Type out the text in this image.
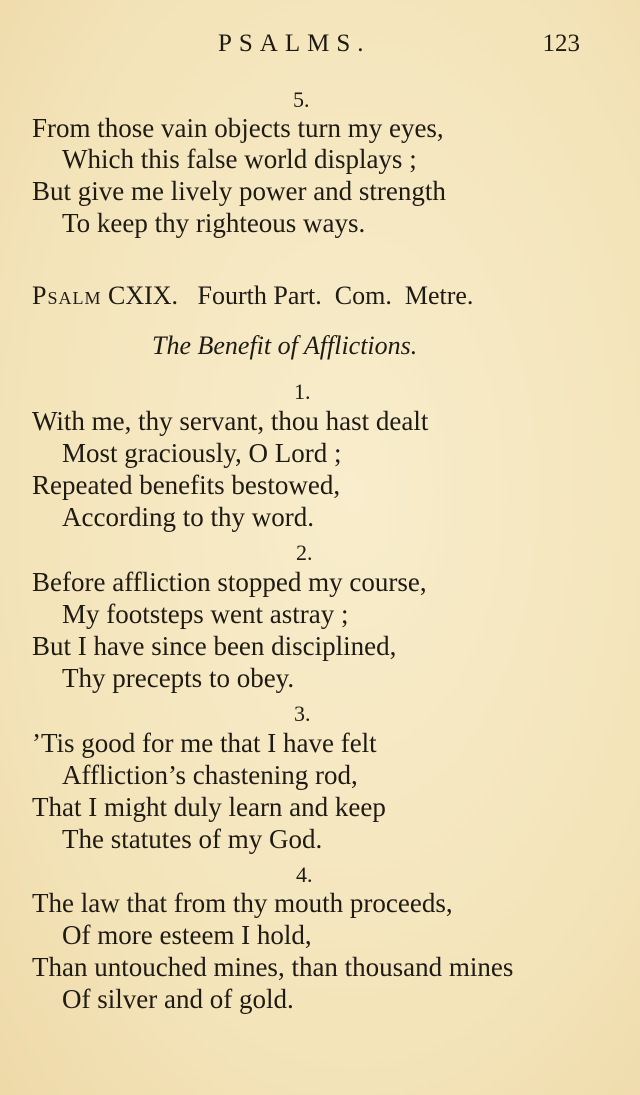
PSALMS.	123
5.
From those vain objects turn my eyes,
Which this false world displays ;
But give me lively power and strength
To keep thy righteous ways.
Psalm CXIX.   Fourth Part.  Com.  Metre.
The Benefit of Afflictions.
1.
With me, thy servant, thou hast dealt
Most graciously, O Lord ;
Repeated benefits bestowed,
According to thy word.
2.
Before affliction stopped my course,
My footsteps went astray ;
But I have since been disciplined,
Thy precepts to obey.
3.
’Tis good for me that I have felt
Affliction’s chastening rod,
That I might duly learn and keep
The statutes of my God.
4.
The law that from thy mouth proceeds,
Of more esteem I hold,
Than untouched mines, than thousand mines
Of silver and of gold.
